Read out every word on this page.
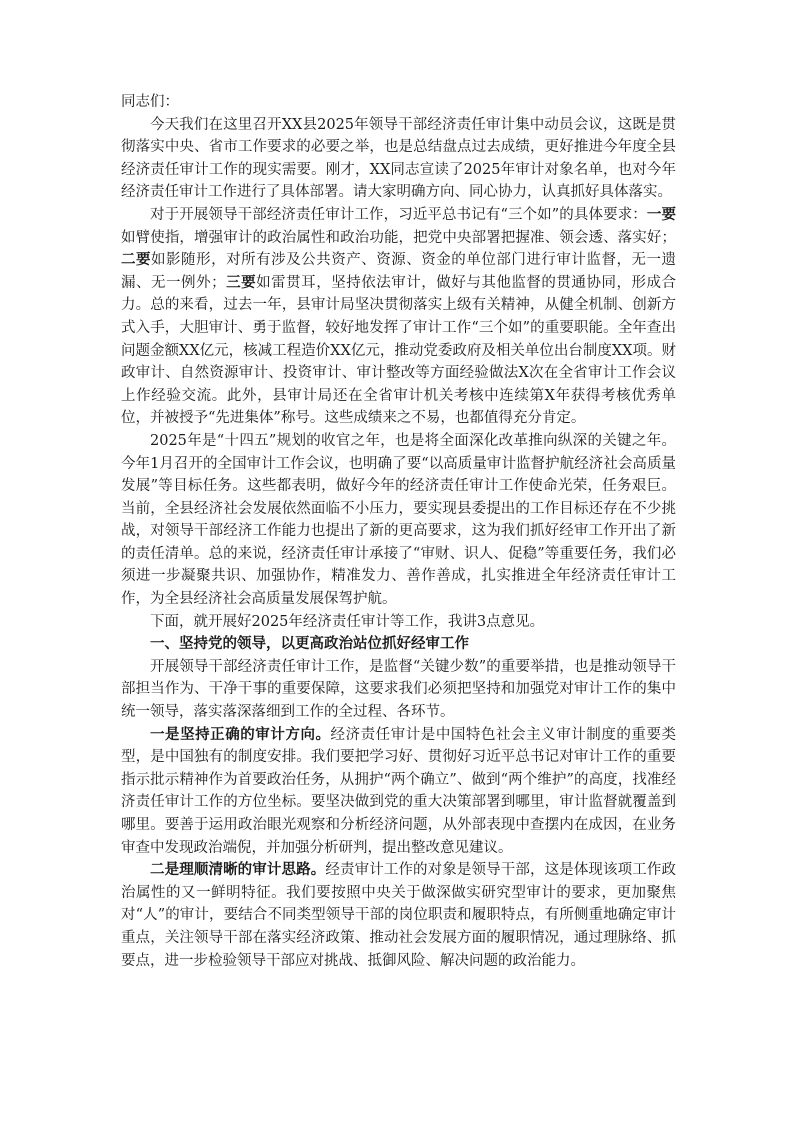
同志们：

今天我们在这里召开XX县2025年领导干部经济责任审计集中动员会议，这既是贯彻落实中央、省市工作要求的必要之举，也是总结盘点过去成绩，更好推进今年度全县经济责任审计工作的现实需要。刚才，XX同志宣读了2025年审计对象名单，也对今年经济责任审计工作进行了具体部署。请大家明确方向、同心协力，认真抓好具体落实。

对于开展领导干部经济责任审计工作，习近平总书记有“三个如”的具体要求：一要如臂使指，增强审计的政治属性和政治功能，把党中央部署把握准、领会透、落实好；二要如影随形，对所有涉及公共资产、资源、资金的单位部门进行审计监督，无一遗漏、无一例外；三要如雷贯耳，坚持依法审计，做好与其他监督的贯通协同，形成合力。总的来看，过去一年，县审计局坚决贯彻落实上级有关精神，从健全机制、创新方式入手，大胆审计、勇于监督，较好地发挥了审计工作“三个如”的重要职能。全年查出问题金额XX亿元，核减工程造价XX亿元，推动党委政府及相关单位出台制度XX项。财政审计、自然资源审计、投资审计、审计整改等方面经验做法X次在全省审计工作会议上作经验交流。此外，县审计局还在全省审计机关考核中连续第X年获得考核优秀单位，并被授予“先进集体”称号。这些成绩来之不易，也都值得充分肯定。

2025年是“十四五”规划的收官之年，也是将全面深化改革推向纵深的关键之年。今年1月召开的全国审计工作会议，也明确了要“以高质量审计监督护航经济社会高质量发展”等目标任务。这些都表明，做好今年的经济责任审计工作使命光荣，任务艰巨。当前，全县经济社会发展依然面临不小压力，要实现县委提出的工作目标还存在不少挑战，对领导干部经济工作能力也提出了新的更高要求，这为我们抓好经审工作开出了新的责任清单。总的来说，经济责任审计承接了“审财、识人、促稳”等重要任务，我们必须进一步凝聚共识、加强协作，精准发力、善作善成，扎实推进全年经济责任审计工作，为全县经济社会高质量发展保驾护航。

下面，就开展好2025年经济责任审计等工作，我讲3点意见。

一、坚持党的领导，以更高政治站位抓好经审工作

开展领导干部经济责任审计工作，是监督“关键少数”的重要举措，也是推动领导干部担当作为、干净干事的重要保障，这要求我们必须把坚持和加强党对审计工作的集中统一领导，落实落深落细到工作的全过程、各环节。

一是坚持正确的审计方向。经济责任审计是中国特色社会主义审计制度的重要类型，是中国独有的制度安排。我们要把学习好、贯彻好习近平总书记对审计工作的重要指示批示精神作为首要政治任务，从拥护“两个确立”、做到“两个维护”的高度，找准经济责任审计工作的方位坐标。要坚决做到党的重大决策部署到哪里，审计监督就覆盖到哪里。要善于运用政治眼光观察和分析经济问题，从外部表现中查摆内在成因，在业务审查中发现政治端倪，并加强分析研判，提出整改意见建议。

二是理顺清晰的审计思路。经责审计工作的对象是领导干部，这是体现该项工作政治属性的又一鲜明特征。我们要按照中央关于做深做实研究型审计的要求，更加聚焦对“人”的审计，要结合不同类型领导干部的岗位职责和履职特点，有所侧重地确定审计重点，关注领导干部在落实经济政策、推动社会发展方面的履职情况，通过理脉络、抓要点，进一步检验领导干部应对挑战、抵御风险、解决问题的政治能力。
